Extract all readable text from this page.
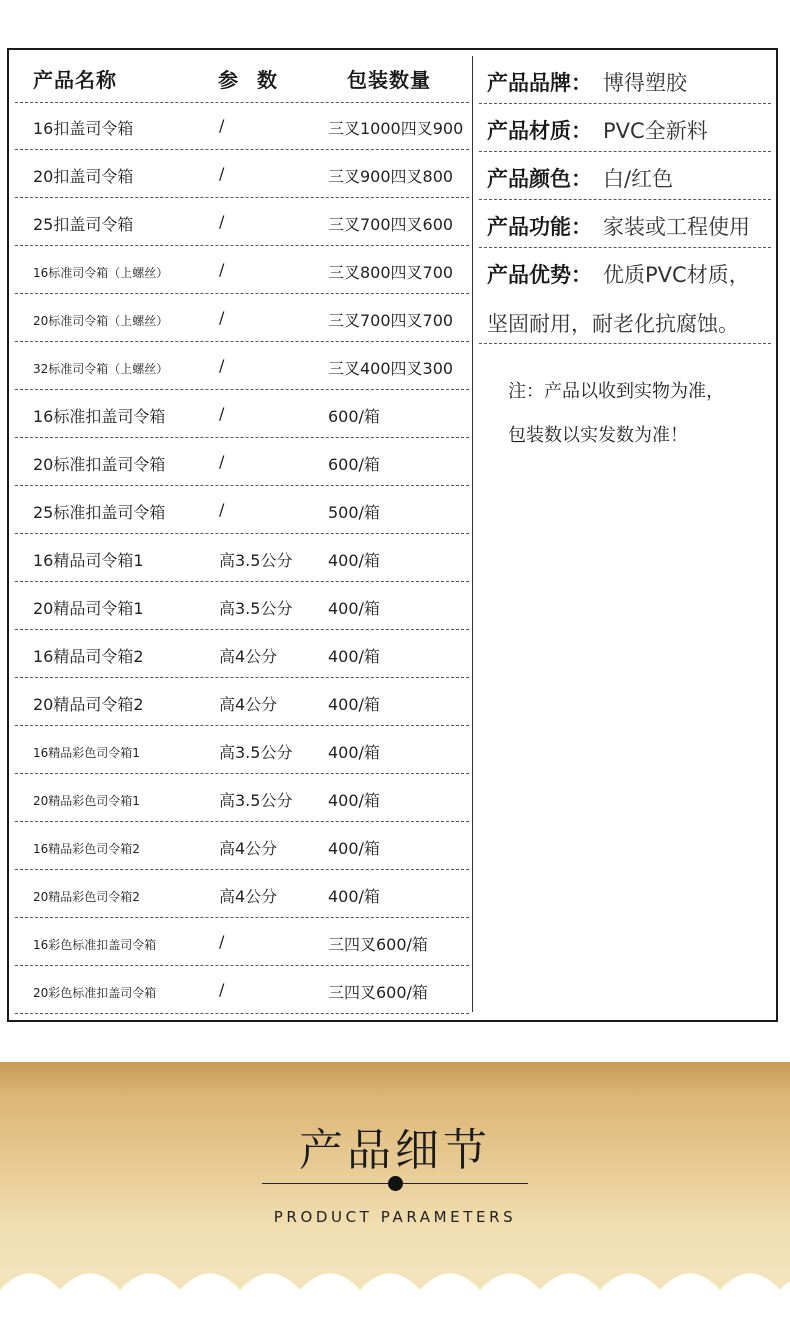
产品名称	参 数	包装数量
16扣盖司令箱	/	三叉1000四叉900
20扣盖司令箱	/	三叉900四叉800
25扣盖司令箱	/	三叉700四叉600
16标准司令箱（上螺丝）	/	三叉800四叉700
20标准司令箱（上螺丝）	/	三叉700四叉700
32标准司令箱（上螺丝）	/	三叉400四叉300
16标准扣盖司令箱	/	600/箱
20标准扣盖司令箱	/	600/箱
25标准扣盖司令箱	/	500/箱
16精品司令箱1	高3.5公分 400/箱
20精品司令箱1	高3.5公分 400/箱
16精品司令箱2	高4公分	400/箱
20精品司令箱2	高4公分	400/箱
16精品彩色司令箱1	高3.5公分 400/箱
20精品彩色司令箱1	高3.5公分 400/箱
16精品彩色司令箱2	高4公分	400/箱
20精品彩色司令箱2	高4公分	400/箱
16彩色标准扣盖司令箱	/	三四叉600/箱
20彩色标准扣盖司令箱	/	三四叉600/箱
产品品牌： 博得塑胶
产品材质： PVC全新料
产品颜色： 白/红色
产品功能： 家装或工程使用
产品优势： 优质PVC材质，
坚固耐用，耐老化抗腐蚀。
注：产品以收到实物为准，
包装数以实发数为准！
产品细节
PRODUCT PARAMETERS
